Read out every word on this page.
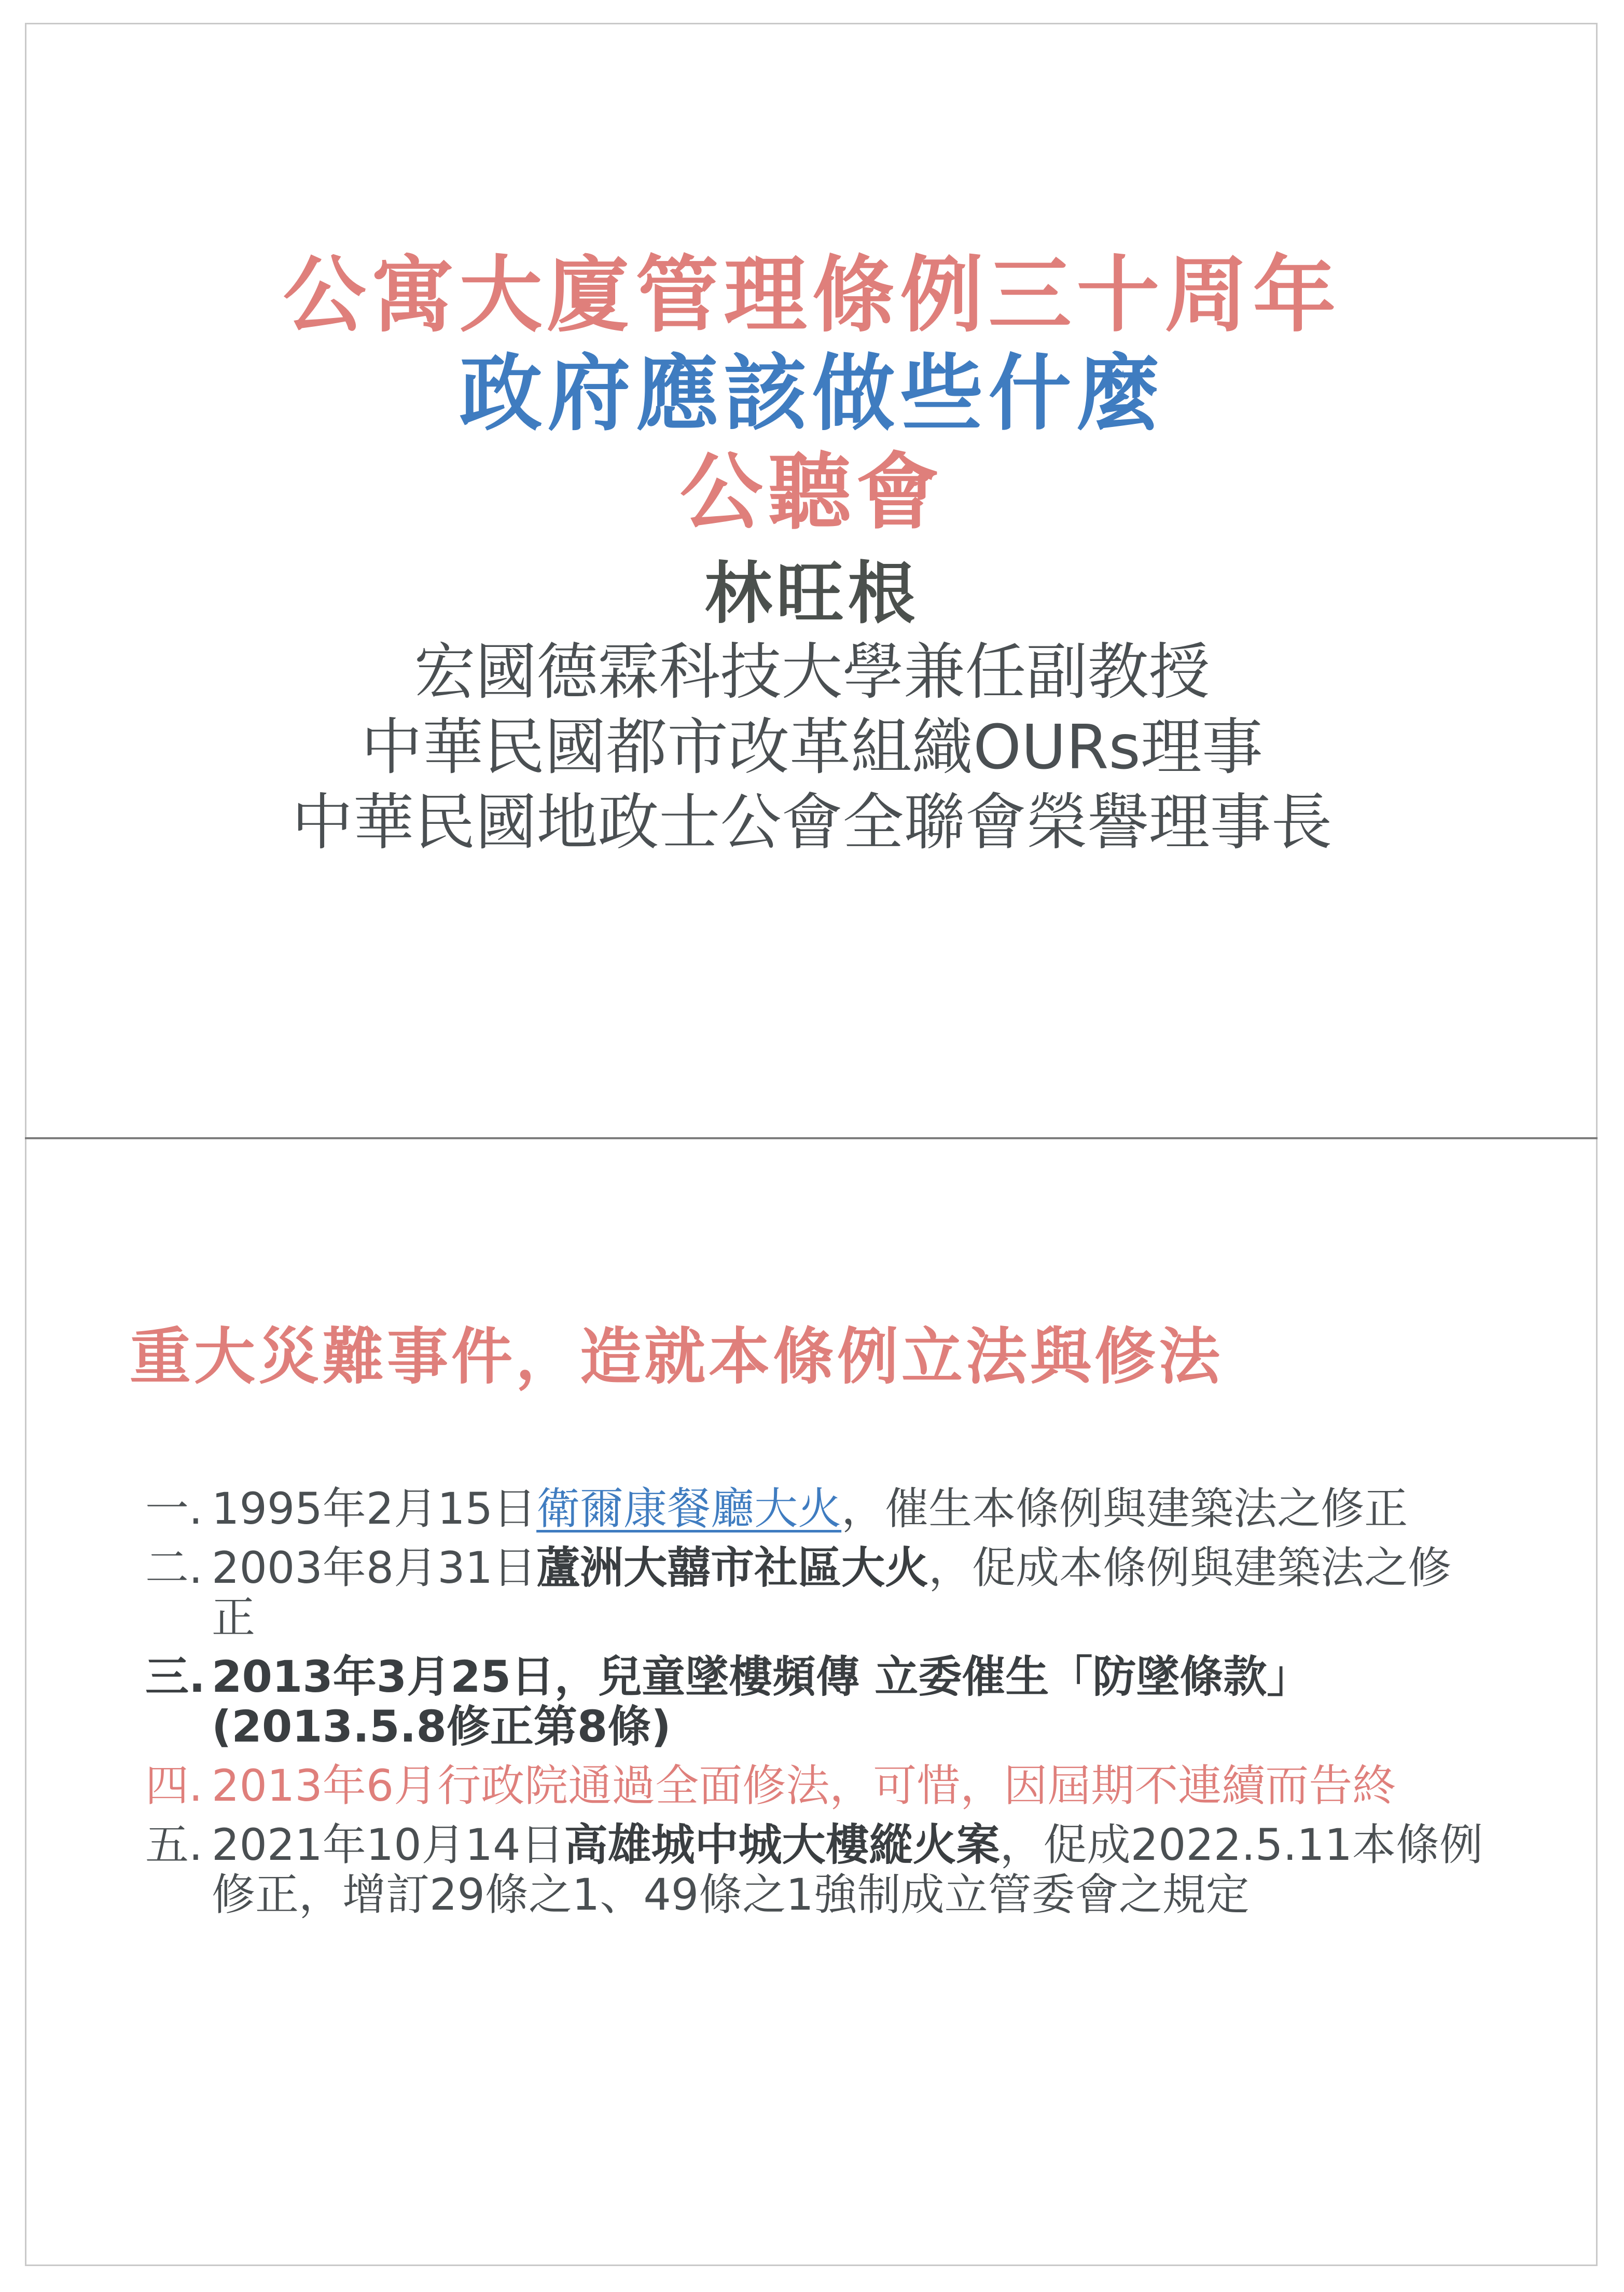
公寓大廈管理條例三十周年
政府應該做些什麼
公聽會
林旺根
宏國德霖科技大學兼任副教授
中華民國都市改革組織OURs理事
中華民國地政士公會全聯會榮譽理事長
重大災難事件，造就本條例立法與修法
一. 1995年2月15日衛爾康餐廳大火，催生本條例與建築法之修正
二. 2003年8月31日蘆洲大囍市社區大火，促成本條例與建築法之修正
三. 2013年3月25日，兒童墜樓頻傳 立委催生「防墜條款」
(2013.5.8修正第8條)
四. 2013年6月行政院通過全面修法，可惜，因屆期不連續而告終
五. 2021年10月14日高雄城中城大樓縱火案，促成2022.5.11本條例修正，增訂29條之1、49條之1強制成立管委會之規定
